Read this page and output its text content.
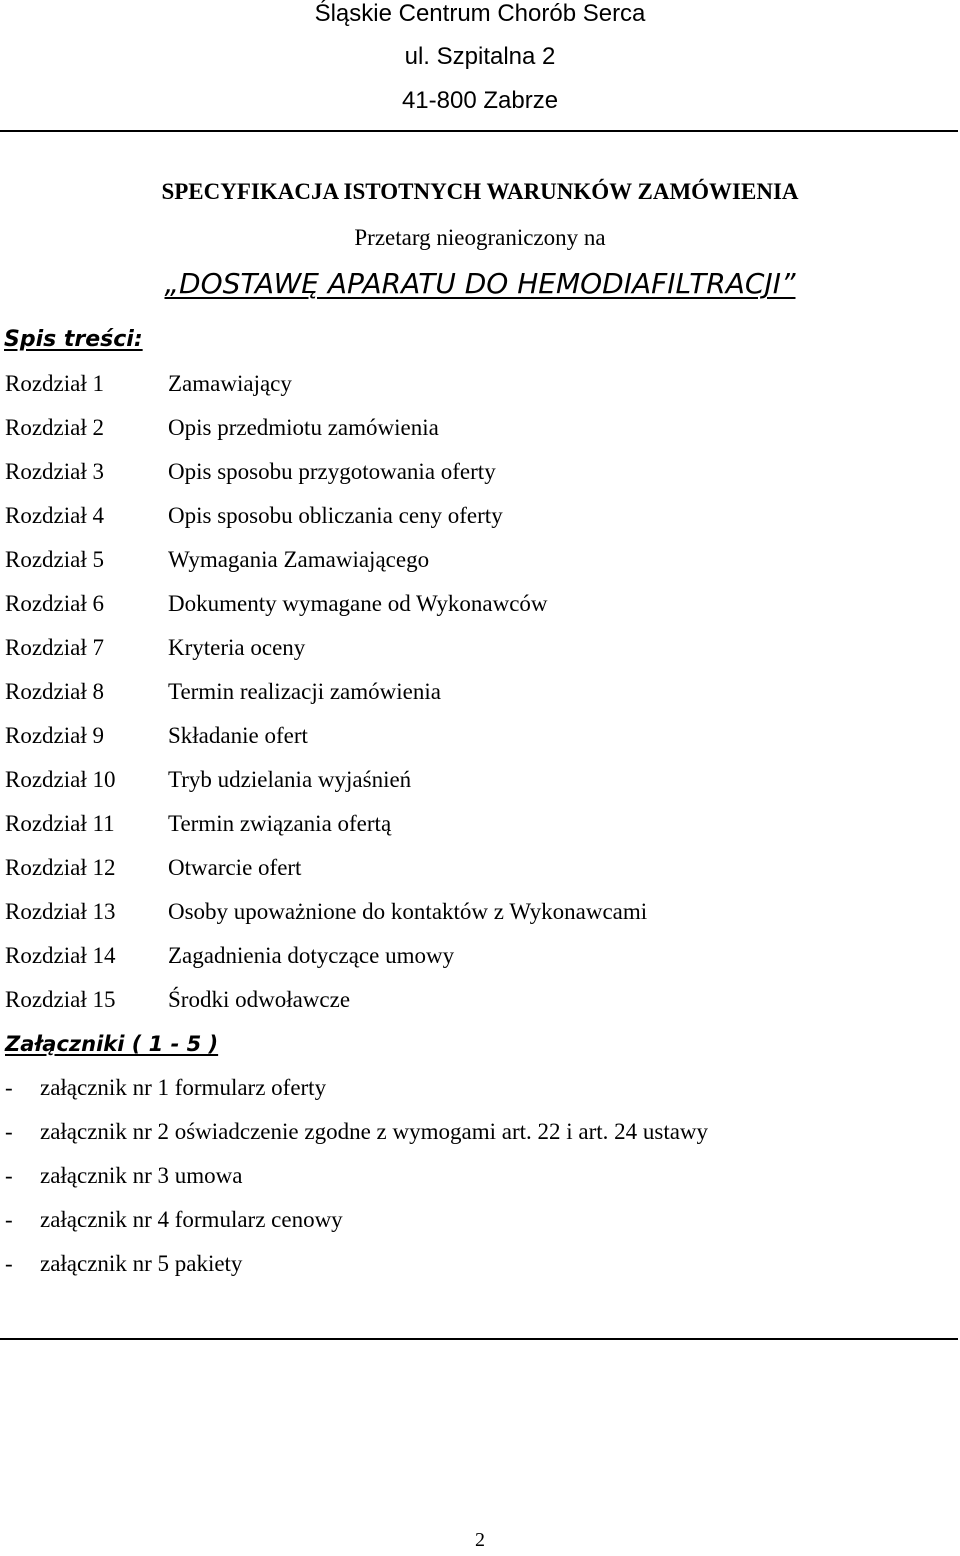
Śląskie Centrum Chorób Serca
ul. Szpitalna 2
41-800 Zabrze
SPECYFIKACJA ISTOTNYCH WARUNKÓW ZAMÓWIENIA
Przetarg nieograniczony na
„DOSTAWĘ APARATU DO HEMODIAFILTRACJI”
Spis treści:
Rozdział 1	Zamawiający
Rozdział 2	Opis przedmiotu zamówienia
Rozdział 3	Opis sposobu przygotowania oferty
Rozdział 4	Opis sposobu obliczania ceny oferty
Rozdział 5	Wymagania Zamawiającego
Rozdział 6	Dokumenty wymagane od Wykonawców
Rozdział 7	Kryteria oceny
Rozdział 8	Termin realizacji zamówienia
Rozdział 9	Składanie ofert
Rozdział 10 Tryb udzielania wyjaśnień
Rozdział 11 Termin związania ofertą
Rozdział 12 Otwarcie ofert
Rozdział 13 Osoby upoważnione do kontaktów z Wykonawcami
Rozdział 14 Zagadnienia dotyczące umowy
Rozdział 15 Środki odwoławcze
Załączniki ( 1 - 5 )
- załącznik nr 1 formularz oferty
- załącznik nr 2 oświadczenie zgodne z wymogami art. 22 i art. 24 ustawy
- załącznik nr 3 umowa
- załącznik nr 4 formularz cenowy
- załącznik nr 5 pakiety
2
